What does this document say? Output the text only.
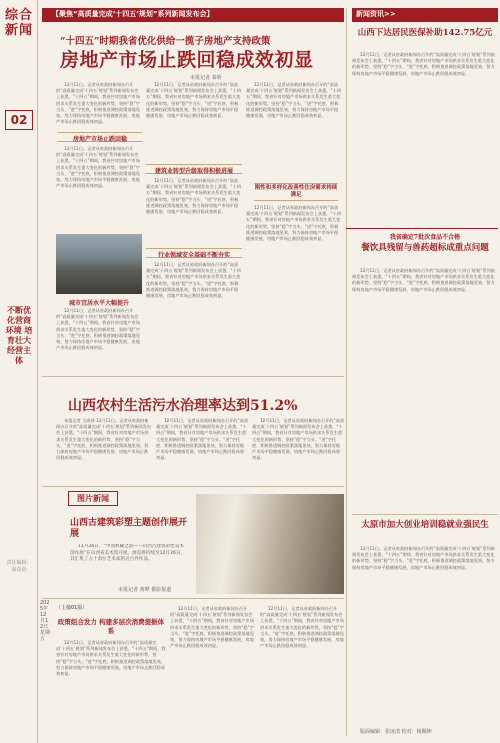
综合新闻
02
不断优化营商环境 培育壮大经营主体
责任编辑：温蓓蓓
【聚焦“高质量完成‘十四五’规划”系列新闻发布会】
“十四五”时期我省优化供给一揽子房地产支持政策
房地产市场止跌回稳成效初显
本报记者 秦昕

12月11日，记者从省政府新闻办召开的“高质量完成‘十四五’规划”系列新闻发布会上获悉，“十四五”期间，我省针对房地产市场供求关系发生重大变化的新形势，坚持“稳”字当头、“进”字托底，积极推进调控政策落地见效，努力保持房地产市场平稳健康发展，房地产市场止跌回稳成效初显。

房地产市场止跌回稳

12月11日，记者从省政府新闻办召开的“高质量完成‘十四五’规划”系列新闻发布会上获悉，“十四五”期间，我省针对房地产市场供求关系发生重大变化的新形势，坚持“稳”字当头、“进”字托底，积极推进调控政策落地见效，努力保持房地产市场平稳健康发展，房地产市场止跌回稳成效初显。

12月11日，记者从省政府新闻办召开的“高质量完成‘十四五’规划”系列新闻发布会上获悉，“十四五”期间，我省针对房地产市场供求关系发生重大变化的新形势，坚持“稳”字当头、“进”字托底，积极推进调控政策落地见效，努力保持房地产市场平稳健康发展，房地产市场止跌回稳成效初显。

建筑业转型升级取得积极进展

12月11日，记者从省政府新闻办召开的“高质量完成‘十四五’规划”系列新闻发布会上获悉，“十四五”期间，我省针对房地产市场供求关系发生重大变化的新形势，坚持“稳”字当头、“进”字托底，积极推进调控政策落地见效，努力保持房地产市场平稳健康发展，房地产市场止跌回稳成效初显。

行业领域安全基础不断夯实

12月11日，记者从省政府新闻办召开的“高质量完成‘十四五’规划”系列新闻发布会上获悉，“十四五”期间，我省针对房地产市场供求关系发生重大变化的新形势，坚持“稳”字当头、“进”字托底，积极推进调控政策落地见效，努力保持房地产市场平稳健康发展，房地产市场止跌回稳成效初显。

12月11日，记者从省政府新闻办召开的“高质量完成‘十四五’规划”系列新闻发布会上获悉，“十四五”期间，我省针对房地产市场供求关系发生重大变化的新形势，坚持“稳”字当头、“进”字托底，积极推进调控政策落地见效，努力保持房地产市场平稳健康发展，房地产市场止跌回稳成效初显。

刚性和多样化改善性住房需求持续满足

12月11日，记者从省政府新闻办召开的“高质量完成‘十四五’规划”系列新闻发布会上获悉，“十四五”期间，我省针对房地产市场供求关系发生重大变化的新形势，坚持“稳”字当头、“进”字托底，积极推进调控政策落地见效，努力保持房地产市场平稳健康发展，房地产市场止跌回稳成效初显。

城市宜居水平大幅提升

12月11日，记者从省政府新闻办召开的“高质量完成‘十四五’规划”系列新闻发布会上获悉，“十四五”期间，我省针对房地产市场供求关系发生重大变化的新形势，坚持“稳”字当头、“进”字托底，积极推进调控政策落地见效，努力保持房地产市场平稳健康发展，房地产市场止跌回稳成效初显。

山西农村生活污水治理率达到51.2%

本报记者 王成林 12月11日，记者从省政府新闻办召开的“高质量完成‘十四五’规划”系列新闻发布会上获悉，“十四五”期间，我省针对房地产市场供求关系发生重大变化的新形势，坚持“稳”字当头、“进”字托底，积极推进调控政策落地见效，努力保持房地产市场平稳健康发展，房地产市场止跌回稳成效初显。

12月11日，记者从省政府新闻办召开的“高质量完成‘十四五’规划”系列新闻发布会上获悉，“十四五”期间，我省针对房地产市场供求关系发生重大变化的新形势，坚持“稳”字当头、“进”字托底，积极推进调控政策落地见效，努力保持房地产市场平稳健康发展，房地产市场止跌回稳成效初显。

12月11日，记者从省政府新闻办召开的“高质量完成‘十四五’规划”系列新闻发布会上获悉，“十四五”期间，我省针对房地产市场供求关系发生重大变化的新形势，坚持“稳”字当头、“进”字托底，积极推进调控政策落地见效，努力保持房地产市场平稳健康发展，房地产市场止跌回稳成效初显。

图片新闻
山西古建筑彩塑主题创作展开展

11月26日，“中国典藏之韵——山西古建筑彩塑美术创作展”在山西省美术馆开展。展览将持续至12月26日，其汇集了五十余位艺术家的近百件作品。

本报记者 黄晔 摄影报道
2025年12月12日 星期五
（上接01版）
政策组合发力 构建多层次消费提振体系

12月11日，记者从省政府新闻办召开的“高质量完成‘十四五’规划”系列新闻发布会上获悉，“十四五”期间，我省针对房地产市场供求关系发生重大变化的新形势，坚持“稳”字当头、“进”字托底，积极推进调控政策落地见效，努力保持房地产市场平稳健康发展，房地产市场止跌回稳成效初显。

12月11日，记者从省政府新闻办召开的“高质量完成‘十四五’规划”系列新闻发布会上获悉，“十四五”期间，我省针对房地产市场供求关系发生重大变化的新形势，坚持“稳”字当头、“进”字托底，积极推进调控政策落地见效，努力保持房地产市场平稳健康发展，房地产市场止跌回稳成效初显。

12月11日，记者从省政府新闻办召开的“高质量完成‘十四五’规划”系列新闻发布会上获悉，“十四五”期间，我省针对房地产市场供求关系发生重大变化的新形势，坚持“稳”字当头、“进”字托底，积极推进调控政策落地见效，努力保持房地产市场平稳健康发展，房地产市场止跌回稳成效初显。

新闻资讯>>
山西下达居民医保补助142.75亿元

12月11日，记者从省政府新闻办召开的“高质量完成‘十四五’规划”系列新闻发布会上获悉，“十四五”期间，我省针对房地产市场供求关系发生重大变化的新形势，坚持“稳”字当头、“进”字托底，积极推进调控政策落地见效，努力保持房地产市场平稳健康发展，房地产市场止跌回稳成效初显。

我省确定7批次食品不合格
餐饮具残留与兽药超标成重点问题

12月11日，记者从省政府新闻办召开的“高质量完成‘十四五’规划”系列新闻发布会上获悉，“十四五”期间，我省针对房地产市场供求关系发生重大变化的新形势，坚持“稳”字当头、“进”字托底，积极推进调控政策落地见效，努力保持房地产市场平稳健康发展，房地产市场止跌回稳成效初显。

太原市加大创业培训稳就业强民生

12月11日，记者从省政府新闻办召开的“高质量完成‘十四五’规划”系列新闻发布会上获悉，“十四五”期间，我省针对房地产市场供求关系发生重大变化的新形势，坚持“稳”字当头、“进”字托底，积极推进调控政策落地见效，努力保持房地产市场平稳健康发展，房地产市场止跌回稳成效初显。

版面编辑：张冰清 校对：杨顺坤
